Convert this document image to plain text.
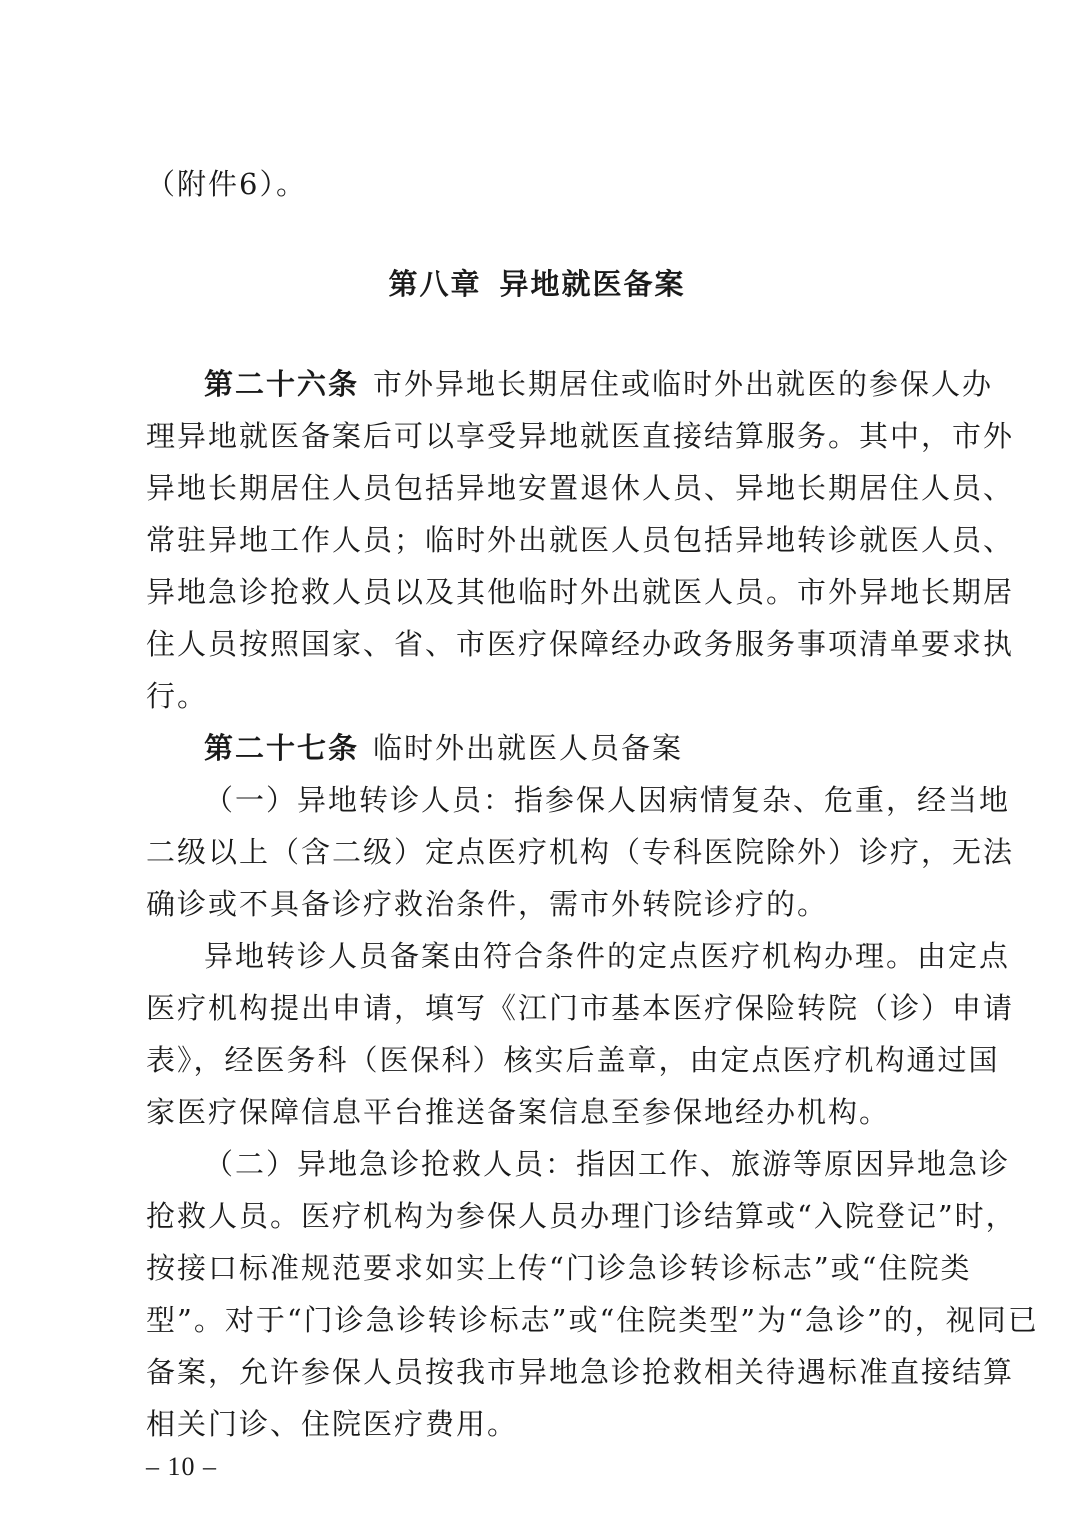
（附件6）。
第八章 异地就医备案
第二十六条 市外异地长期居住或临时外出就医的参保人办
理异地就医备案后可以享受异地就医直接结算服务。其中，市外
异地长期居住人员包括异地安置退休人员、异地长期居住人员、
常驻异地工作人员；临时外出就医人员包括异地转诊就医人员、
异地急诊抢救人员以及其他临时外出就医人员。市外异地长期居
住人员按照国家、省、市医疗保障经办政务服务事项清单要求执
行。
第二十七条 临时外出就医人员备案
（一）异地转诊人员：指参保人因病情复杂、危重，经当地
二级以上（含二级）定点医疗机构（专科医院除外）诊疗，无法
确诊或不具备诊疗救治条件，需市外转院诊疗的。
异地转诊人员备案由符合条件的定点医疗机构办理。由定点
医疗机构提出申请，填写《江门市基本医疗保险转院（诊）申请
表》，经医务科（医保科）核实后盖章，由定点医疗机构通过国
家医疗保障信息平台推送备案信息至参保地经办机构。
（二）异地急诊抢救人员：指因工作、旅游等原因异地急诊
抢救人员。医疗机构为参保人员办理门诊结算或“入院登记”时，
按接口标准规范要求如实上传“门诊急诊转诊标志”或“住院类
型”。对于“门诊急诊转诊标志”或“住院类型”为“急诊”的，视同已
备案，允许参保人员按我市异地急诊抢救相关待遇标准直接结算
相关门诊、住院医疗费用。
– 10 –
